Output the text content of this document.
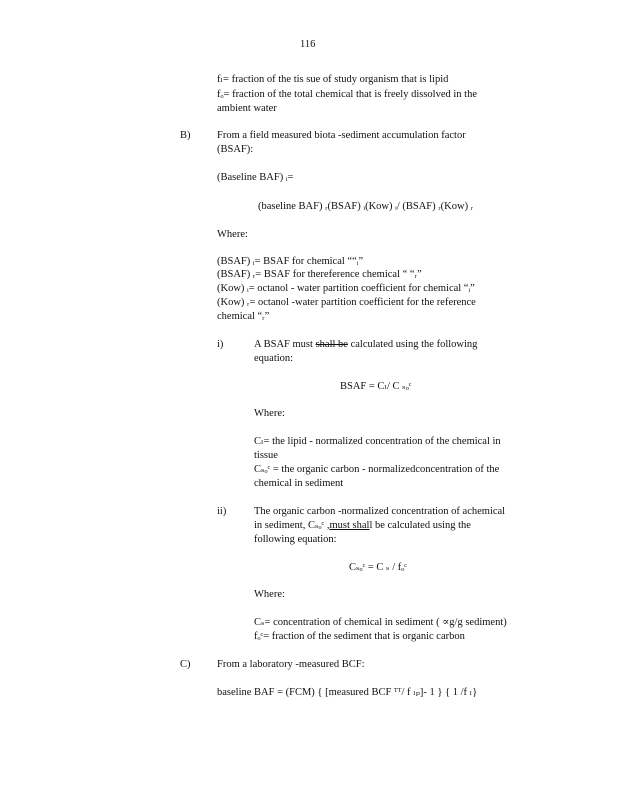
116
fₗ= fraction of the tis sue of study organism that is lipid
fₒ= fraction of the total chemical that is freely dissolved in the
ambient water
B)	From a field measured biota -sediment accumulation factor
(BSAF):
(Baseline BAF) ᵢ=
(baseline BAF) ᵣ(BSAF) ᵢ(Kow) ᵢ/ (BSAF) ᵣ(Kow) ᵣ
Where:
(BSAF) ᵢ= BSAF for chemical ““ᵢ”
(BSAF) ᵣ= BSAF for thereference chemical “ “ᵣ”
(Kow) ᵢ= octanol - water partition coefficient for chemical “ᵢ”
(Kow) ᵣ= octanol -water partition coefficient for the reference
chemical “ᵣ”
i)	A BSAF must shall be calculated using the following
equation:
BSAF = Cₗ/ C ₛₒᶜ
Where:
Cₗ= the lipid - normalized concentration of the chemical in
tissue
Cₛₒᶜ = the organic carbon - normalizedconcentration of the
chemical in sediment
ii)	The organic carbon -normalized concentration of achemical
in sediment, Cₛₒᶜ ,must shall be calculated using the
following equation:
Cₛₒᶜ = C ₛ / fₒᶜ
Where:
Cₛ= concentration of chemical in sediment ( ∝g/g sediment)
fₒᶜ= fraction of the sediment that is organic carbon
C)	From a laboratory -measured BCF:
baseline BAF = (FCM) { [measured BCF ᵀᵀ/ f ₗₚ]- 1 } { 1 /f ₗ}
